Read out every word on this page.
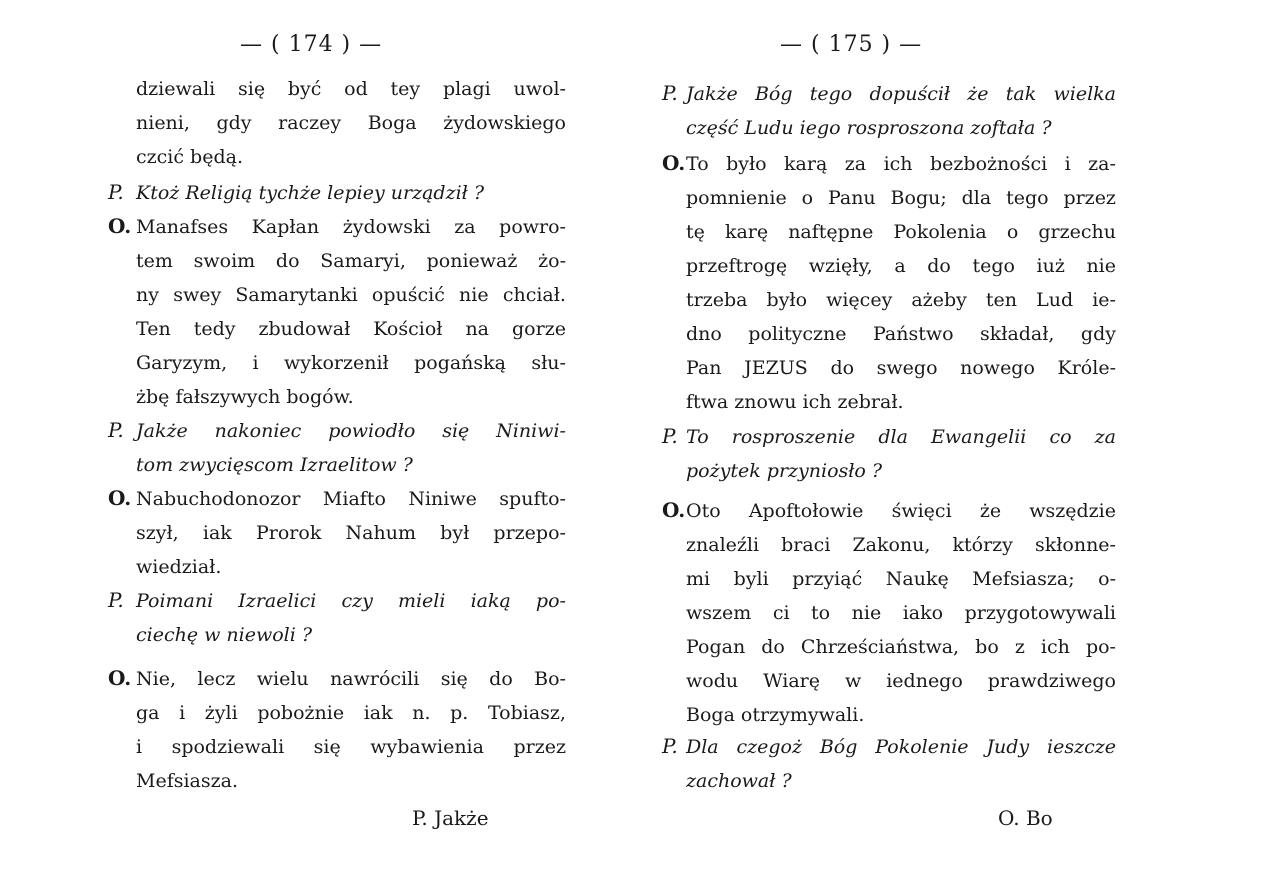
— ( 174 ) —
dziewali się być od tey plagi uwol-
nieni, gdy raczey Boga żydowskiego
czcić będą.
P. Ktoż Religią tychże lepiey urządził ?
O. Manafses Kapłan żydowski za powro-
tem swoim do Samaryi, ponieważ żo-
ny swey Samarytanki opuścić nie chciał.
Ten tedy zbudował Kościoł na gorze
Garyzym, i wykorzenił pogańską słu-
żbę fałszywych bogów.
P. Jakże nakoniec powiodło się Niniwi-
tom zwycięscom Izraelitow ?
O. Nabuchodonozor Miafto Niniwe spufto-
szył, iak Prorok Nahum był przepo-
wiedział.
P. Poimani Izraelici czy mieli iaką po-
ciechę w niewoli ?
O. Nie, lecz wielu nawrócili się do Bo-
ga i żyli pobożnie iak n. p. Tobiasz,
i spodziewali się wybawienia przez
Mefsiasza.
P. Jakże
— ( 175 ) —
P. Jakże Bóg tego dopuścił że tak wielka
część Ludu iego rosproszona zoftała ?
O. To było karą za ich bezbożności i za-
pomnienie o Panu Bogu; dla tego przez
tę karę naftępne Pokolenia o grzechu
przeftrogę wzięły, a do tego iuż nie
trzeba było więcey ażeby ten Lud ie-
dno polityczne Państwo składał, gdy
Pan JEZUS do swego nowego Króle-
ftwa znowu ich zebrał.
P. To rosproszenie dla Ewangelii co za
pożytek przyniosło ?
O. Oto Apoftołowie święci że wszędzie
znaleźli braci Zakonu, którzy skłonne-
mi byli przyiąć Naukę Mefsiasza; o-
wszem ci to nie iako przygotowywali
Pogan do Chrześciaństwa, bo z ich po-
wodu Wiarę w iednego prawdziwego
Boga otrzymywali.
P. Dla czegoż Bóg Pokolenie Judy ieszcze
zachował ?
O. Bo
